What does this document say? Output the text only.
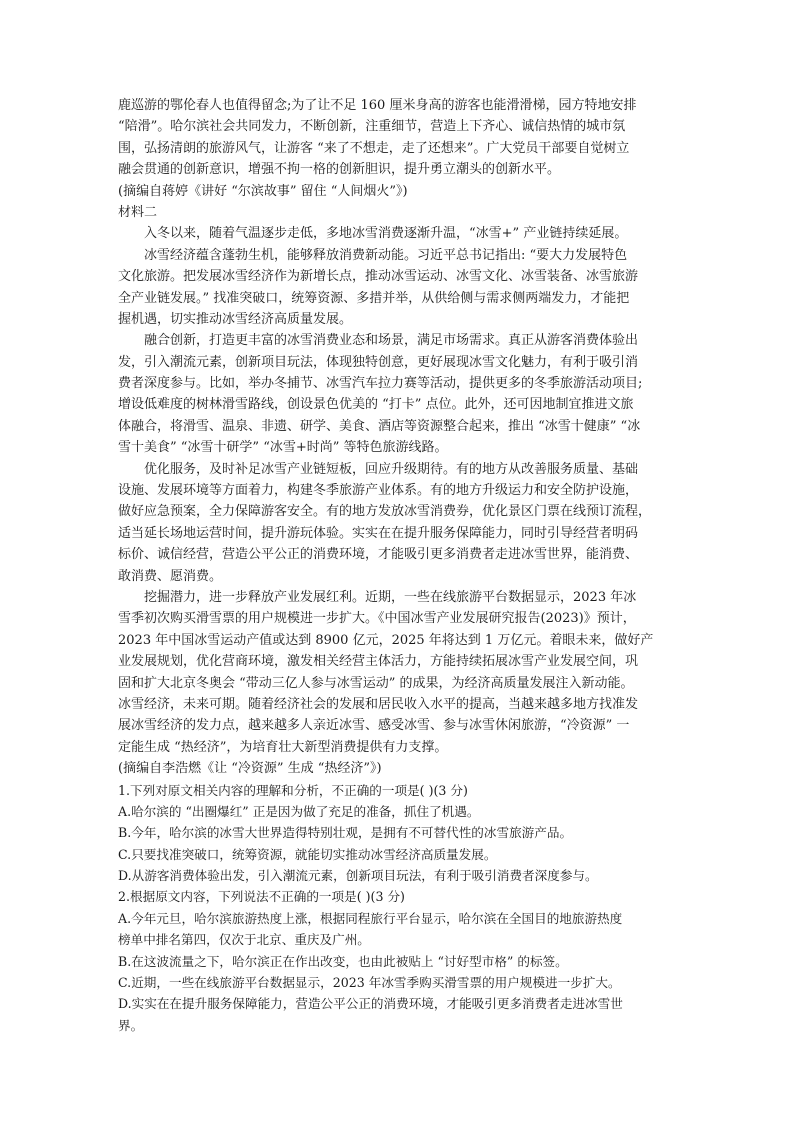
鹿巡游的鄂伦春人也值得留念;为了让不足 160 厘米身高的游客也能滑滑梯，园方特地安排
“陪滑”。哈尔滨社会共同发力，不断创新，注重细节，营造上下齐心、诚信热情的城市氛
围，弘扬清朗的旅游风气，让游客 “来了不想走，走了还想来”。广大党员干部要自觉树立
融会贯通的创新意识，增强不拘一格的创新胆识，提升勇立潮头的创新水平。
(摘编自蒋婷《讲好 “尔滨故事” 留住 “人间烟火”》)
材料二
入冬以来，随着气温逐步走低，多地冰雪消费逐渐升温，“冰雪+” 产业链持续延展。
冰雪经济蕴含蓬勃生机，能够释放消费新动能。习近平总书记指出: “要大力发展特色
文化旅游。把发展冰雪经济作为新增长点，推动冰雪运动、冰雪文化、冰雪装备、冰雪旅游
全产业链发展。” 找准突破口，统筹资源、多措并举，从供给侧与需求侧两端发力，才能把
握机遇，切实推动冰雪经济高质量发展。
融合创新，打造更丰富的冰雪消费业态和场景，满足市场需求。真正从游客消费体验出
发，引入潮流元素，创新项目玩法，体现独特创意，更好展现冰雪文化魅力，有利于吸引消
费者深度参与。比如，举办冬捕节、冰雪汽车拉力赛等活动，提供更多的冬季旅游活动项目;
增设低难度的树林滑雪路线，创设景色优美的 “打卡” 点位。此外，还可因地制宜推进文旅
体融合，将滑雪、温泉、非遗、研学、美食、酒店等资源整合起来，推出 “冰雪十健康” “冰
雪十美食” “冰雪十研学” “冰雪+时尚” 等特色旅游线路。
优化服务，及时补足冰雪产业链短板，回应升级期待。有的地方从改善服务质量、基础
设施、发展环境等方面着力，构建冬季旅游产业体系。有的地方升级运力和安全防护设施，
做好应急预案，全力保障游客安全。有的地方发放冰雪消费券，优化景区门票在线预订流程，
适当延长场地运营时间，提升游玩体验。实实在在提升服务保障能力，同时引导经营者明码
标价、诚信经营，营造公平公正的消费环境，才能吸引更多消费者走进冰雪世界，能消费、
敢消费、愿消费。
挖掘潜力，进一步释放产业发展红利。近期，一些在线旅游平台数据显示，2023 年冰
雪季初次购买滑雪票的用户规模进一步扩大。《中国冰雪产业发展研究报告(2023)》预计，
2023 年中国冰雪运动产值或达到 8900 亿元，2025 年将达到 1 万亿元。着眼未来，做好产
业发展规划，优化营商环境，激发相关经营主体活力，方能持续拓展冰雪产业发展空间，巩
固和扩大北京冬奥会 “带动三亿人参与冰雪运动” 的成果，为经济高质量发展注入新动能。
冰雪经济，未来可期。随着经济社会的发展和居民收入水平的提高，当越来越多地方找准发
展冰雪经济的发力点，越来越多人亲近冰雪、感受冰雪、参与冰雪休闲旅游，“冷资源” 一
定能生成 “热经济”，为培育壮大新型消费提供有力支撑。
(摘编自李浩燃《让 “冷资源” 生成 “热经济”》)
1.下列对原文相关内容的理解和分析，不正确的一项是( )(3 分)
A.哈尔滨的 “出圈爆红” 正是因为做了充足的准备，抓住了机遇。
B.今年，哈尔滨的冰雪大世界造得特别壮观，是拥有不可替代性的冰雪旅游产品。
C.只要找准突破口，统筹资源，就能切实推动冰雪经济高质量发展。
D.从游客消费体验出发，引入潮流元素，创新项目玩法，有利于吸引消费者深度参与。
2.根据原文内容，下列说法不正确的一项是( )(3 分)
A.今年元旦，哈尔滨旅游热度上涨，根据同程旅行平台显示，哈尔滨在全国目的地旅游热度
榜单中排名第四，仅次于北京、重庆及广州。
B.在这波流量之下，哈尔滨正在作出改变，也由此被贴上 “讨好型市格” 的标签。
C.近期，一些在线旅游平台数据显示，2023 年冰雪季购买滑雪票的用户规模进一步扩大。
D.实实在在提升服务保障能力，营造公平公正的消费环境，才能吸引更多消费者走进冰雪世
界。
